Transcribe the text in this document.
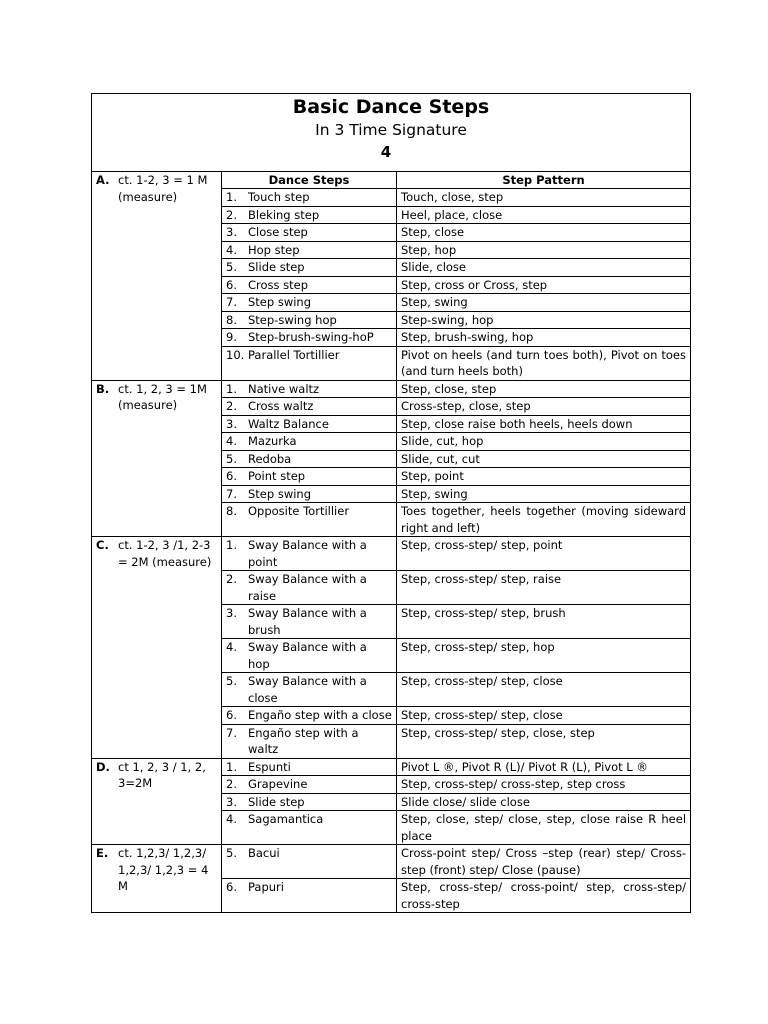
Basic Dance Steps
In 3 Time Signature
4		

A. ct. 1-2, 3 = 1 M (measure)	Dance Steps	Step Pattern

	1. Touch step	Touch, close, step

	2. Bleking step	Heel, place, close

	3. Close step	Step, close

	4. Hop step	Step, hop

	5. Slide step	Slide, close

	6. Cross step	Step, cross or Cross, step

	7. Step swing	Step, swing

	8. Step-swing hop	Step-swing, hop

	9. Step-brush-swing-hoP	Step, brush-swing, hop

	10. Parallel Tortillier	Pivot on heels (and turn toes both), Pivot on toes (and turn heels both)

B. ct. 1, 2, 3 = 1M (measure)	1. Native waltz	Step, close, step

	2. Cross waltz	Cross-step, close, step

	3. Waltz Balance	Step, close raise both heels, heels down

	4. Mazurka	Slide, cut, hop

	5. Redoba	Slide, cut, cut

	6. Point step	Step, point

	7. Step swing	Step, swing

	8. Opposite Tortillier	Toes together, heels together (moving sideward right and left)

C. ct. 1-2, 3 /1, 2-3 = 2M (measure)	1. Sway Balance with a point	Step, cross-step/ step, point

	2. Sway Balance with a raise	Step, cross-step/ step, raise

	3. Sway Balance with a brush	Step, cross-step/ step, brush

	4. Sway Balance with a hop	Step, cross-step/ step, hop

	5. Sway Balance with a close	Step, cross-step/ step, close

	6. Engaño step with a close	Step, cross-step/ step, close

	7. Engaño step with a waltz	Step, cross-step/ step, close, step

D. ct 1, 2, 3 / 1, 2, 3=2M	1. Espunti	Pivot L ®, Pivot R (L)/ Pivot R (L), Pivot L ®

	2. Grapevine	Step, cross-step/ cross-step, step cross

	3. Slide step	Slide close/ slide close

	4. Sagamantica	Step, close, step/ close, step, close raise R heel place

E. ct. 1,2,3/ 1,2,3/ 1,2,3/ 1,2,3 = 4 M	5. Bacui	Cross-point step/ Cross –step (rear) step/ Cross-step (front) step/ Close (pause)

	6. Papuri	Step, cross-step/ cross-point/ step, cross-step/ cross-step
